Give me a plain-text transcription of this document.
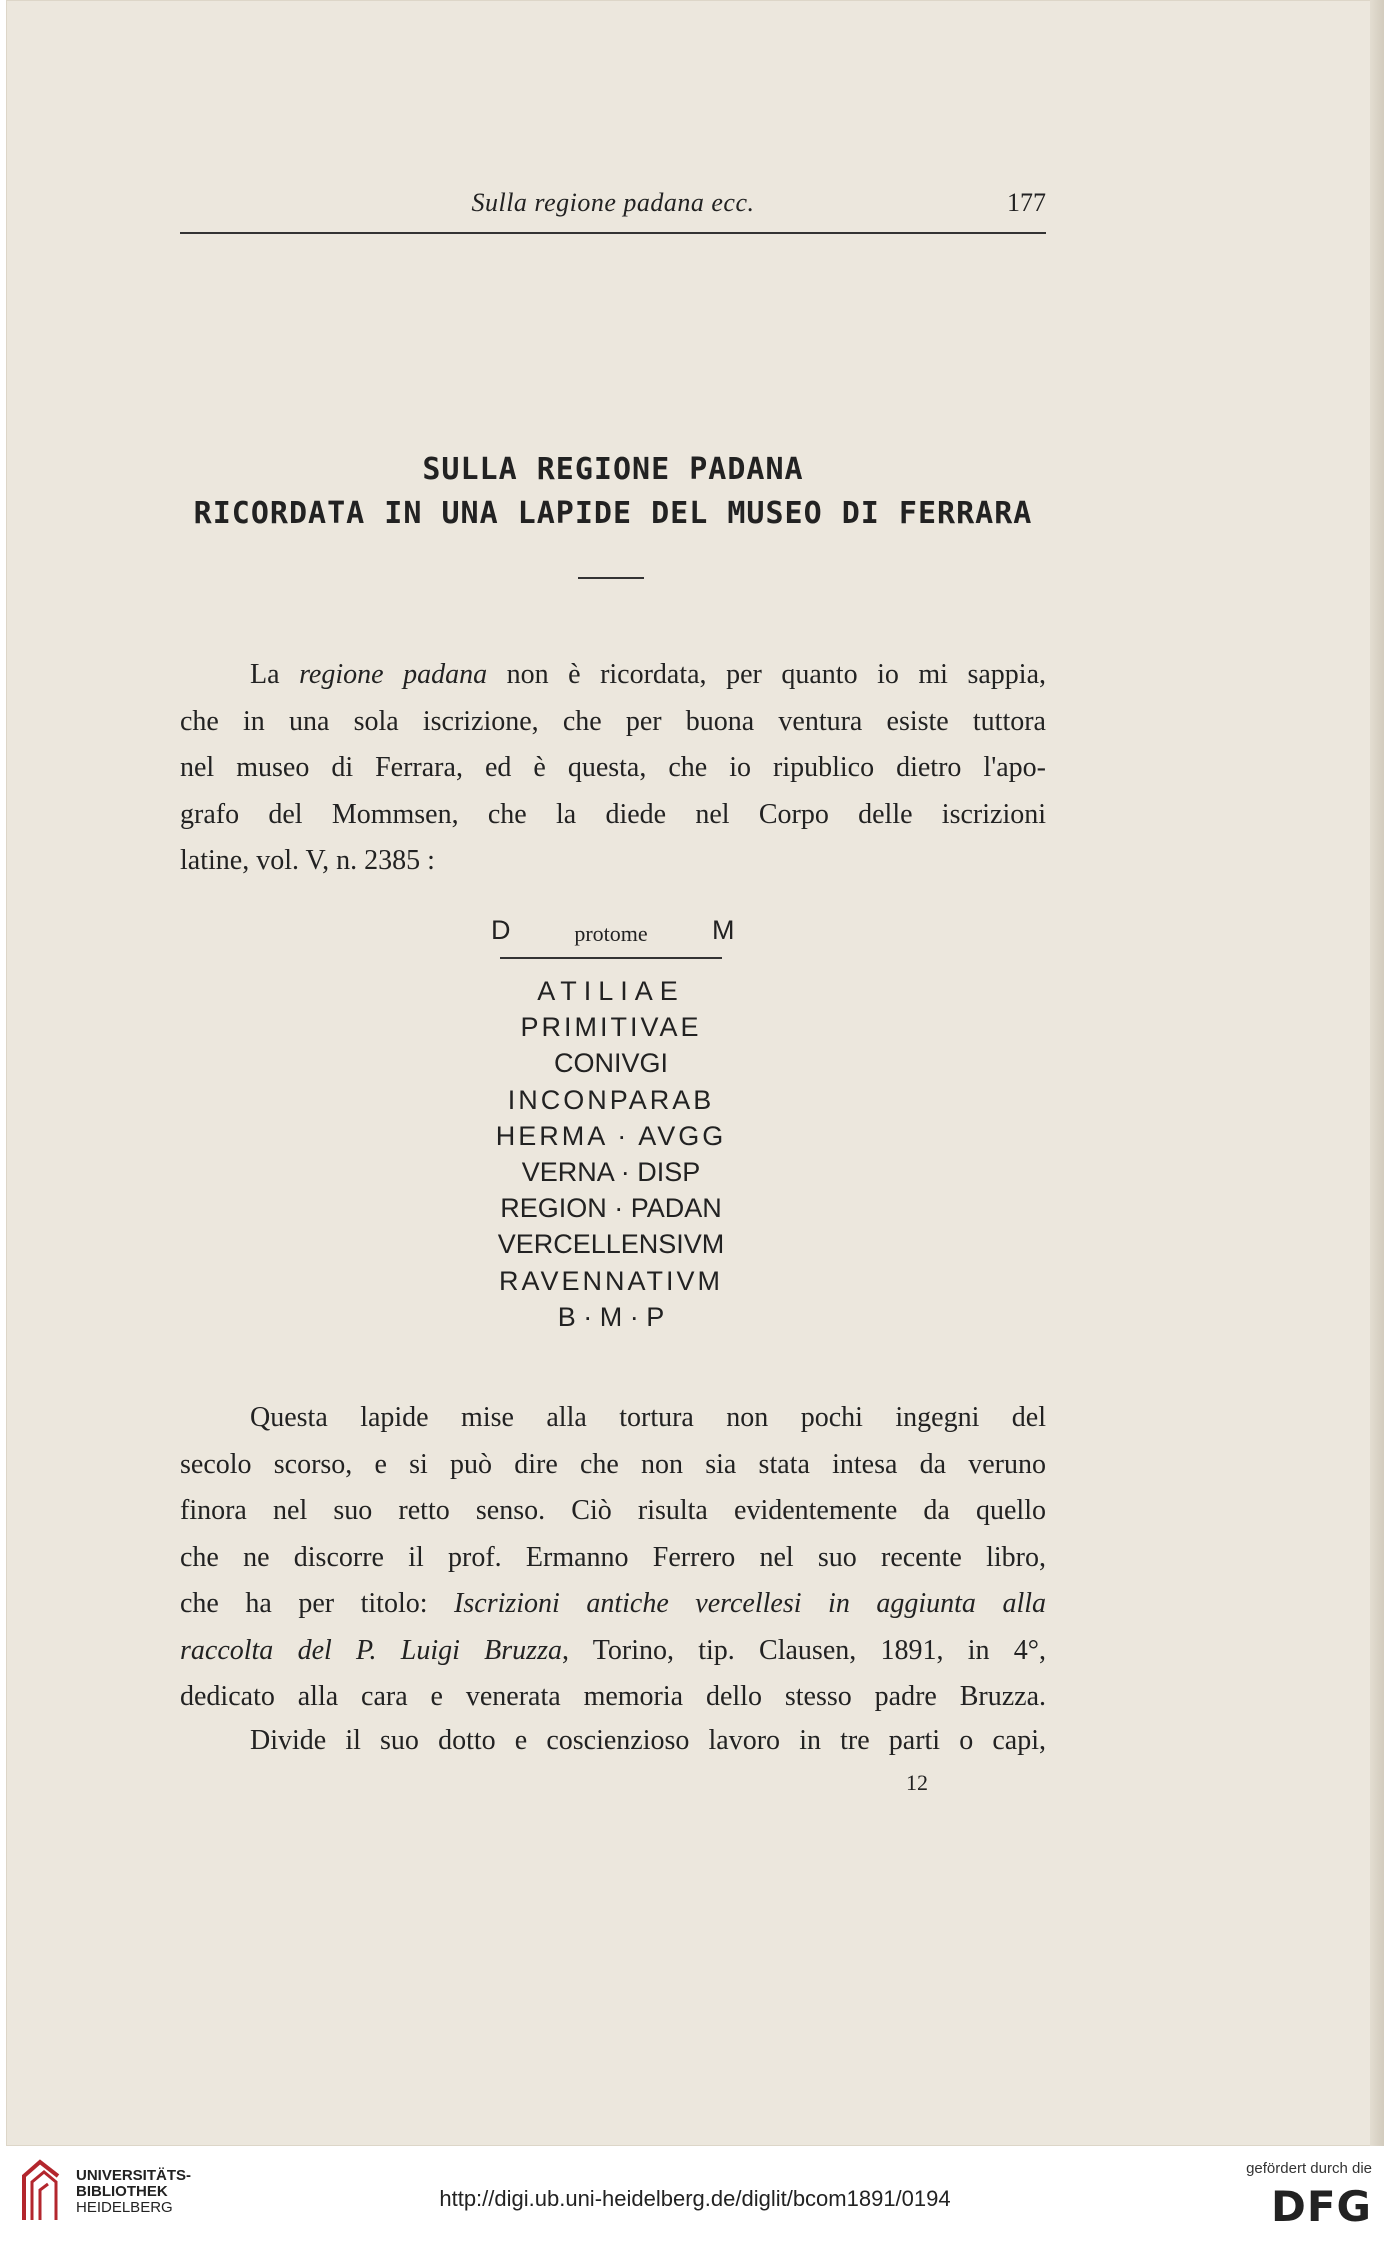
Sulla regione padana ecc.	177
SULLA REGIONE PADANA
RICORDATA IN UNA LAPIDE DEL MUSEO DI FERRARA
La regione padana non è ricordata, per quanto io mi sappia,
che in una sola iscrizione, che per buona ventura esiste tuttora
nel museo di Ferrara, ed è questa, che io ripublico dietro l'apo-
grafo del Mommsen, che la diede nel Corpo delle iscrizioni
latine, vol. V, n. 2385 :
D	protome	M
ATILIAE
PRIMITIVAE
CONIVGI
INCONPARAB
HERMA · AVGG
VERNA · DISP
REGION · PADAN
VERCELLENSIVM
RAVENNATIVM
B · M · P
Questa lapide mise alla tortura non pochi ingegni del
secolo scorso, e si può dire che non sia stata intesa da veruno
finora nel suo retto senso. Ciò risulta evidentemente da quello
che ne discorre il prof. Ermanno Ferrero nel suo recente libro,
che ha per titolo: Iscrizioni antiche vercellesi in aggiunta alla
raccolta del P. Luigi Bruzza, Torino, tip. Clausen, 1891, in 4°,
dedicato alla cara e venerata memoria dello stesso padre Bruzza.
Divide il suo dotto e coscienzioso lavoro in tre parti o capi,
12
UNIVERSITÄTS-
BIBLIOTHEK
HEIDELBERG	http://digi.ub.uni-heidelberg.de/diglit/bcom1891/0194
gefördert durch die
DFG
